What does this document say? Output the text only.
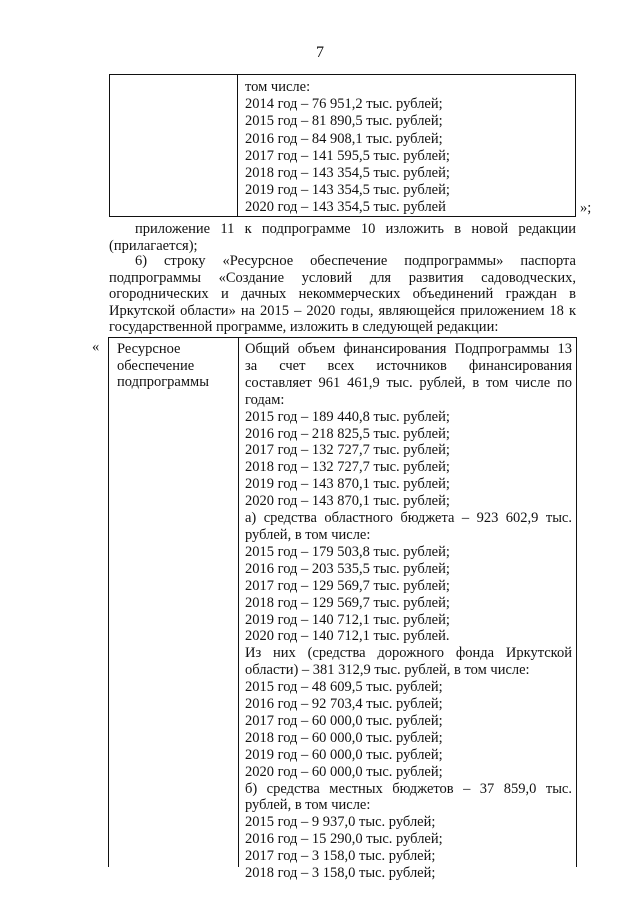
7
том числе:
2014 год – 76 951,2 тыс. рублей;
2015 год – 81 890,5 тыс. рублей;
2016 год – 84 908,1 тыс. рублей;
2017 год – 141 595,5 тыс. рублей;
2018 год – 143 354,5 тыс. рублей;
2019 год – 143 354,5 тыс. рублей;
2020 год – 143 354,5 тыс. рублей	»;
приложение 11 к подпрограмме 10 изложить в новой редакции (прилагается);
6) строку «Ресурсное обеспечение подпрограммы» паспорта подпрограммы «Создание условий для развития садоводческих, огороднических и дачных некоммерческих объединений граждан в Иркутской области» на 2015 – 2020 годы, являющейся приложением 18 к государственной программе, изложить в следующей редакции:
« Ресурсное обеспечение подпрограммы
Общий объем финансирования Подпрограммы 13
за счет всех источников финансирования
составляет 961 461,9 тыс. рублей, в том числе по
годам:
2015 год – 189 440,8 тыс. рублей;
2016 год – 218 825,5 тыс. рублей;
2017 год – 132 727,7 тыс. рублей;
2018 год – 132 727,7 тыс. рублей;
2019 год – 143 870,1 тыс. рублей;
2020 год – 143 870,1 тыс. рублей;
а) средства областного бюджета – 923 602,9 тыс.
рублей, в том числе:
2015 год – 179 503,8 тыс. рублей;
2016 год – 203 535,5 тыс. рублей;
2017 год – 129 569,7 тыс. рублей;
2018 год – 129 569,7 тыс. рублей;
2019 год – 140 712,1 тыс. рублей;
2020 год – 140 712,1 тыс. рублей.
Из них (средства дорожного фонда Иркутской
области) – 381 312,9 тыс. рублей, в том числе:
2015 год – 48 609,5 тыс. рублей;
2016 год – 92 703,4 тыс. рублей;
2017 год – 60 000,0 тыс. рублей;
2018 год – 60 000,0 тыс. рублей;
2019 год – 60 000,0 тыс. рублей;
2020 год – 60 000,0 тыс. рублей;
б) средства местных бюджетов – 37 859,0 тыс.
рублей, в том числе:
2015 год – 9 937,0 тыс. рублей;
2016 год – 15 290,0 тыс. рублей;
2017 год – 3 158,0 тыс. рублей;
2018 год – 3 158,0 тыс. рублей;
